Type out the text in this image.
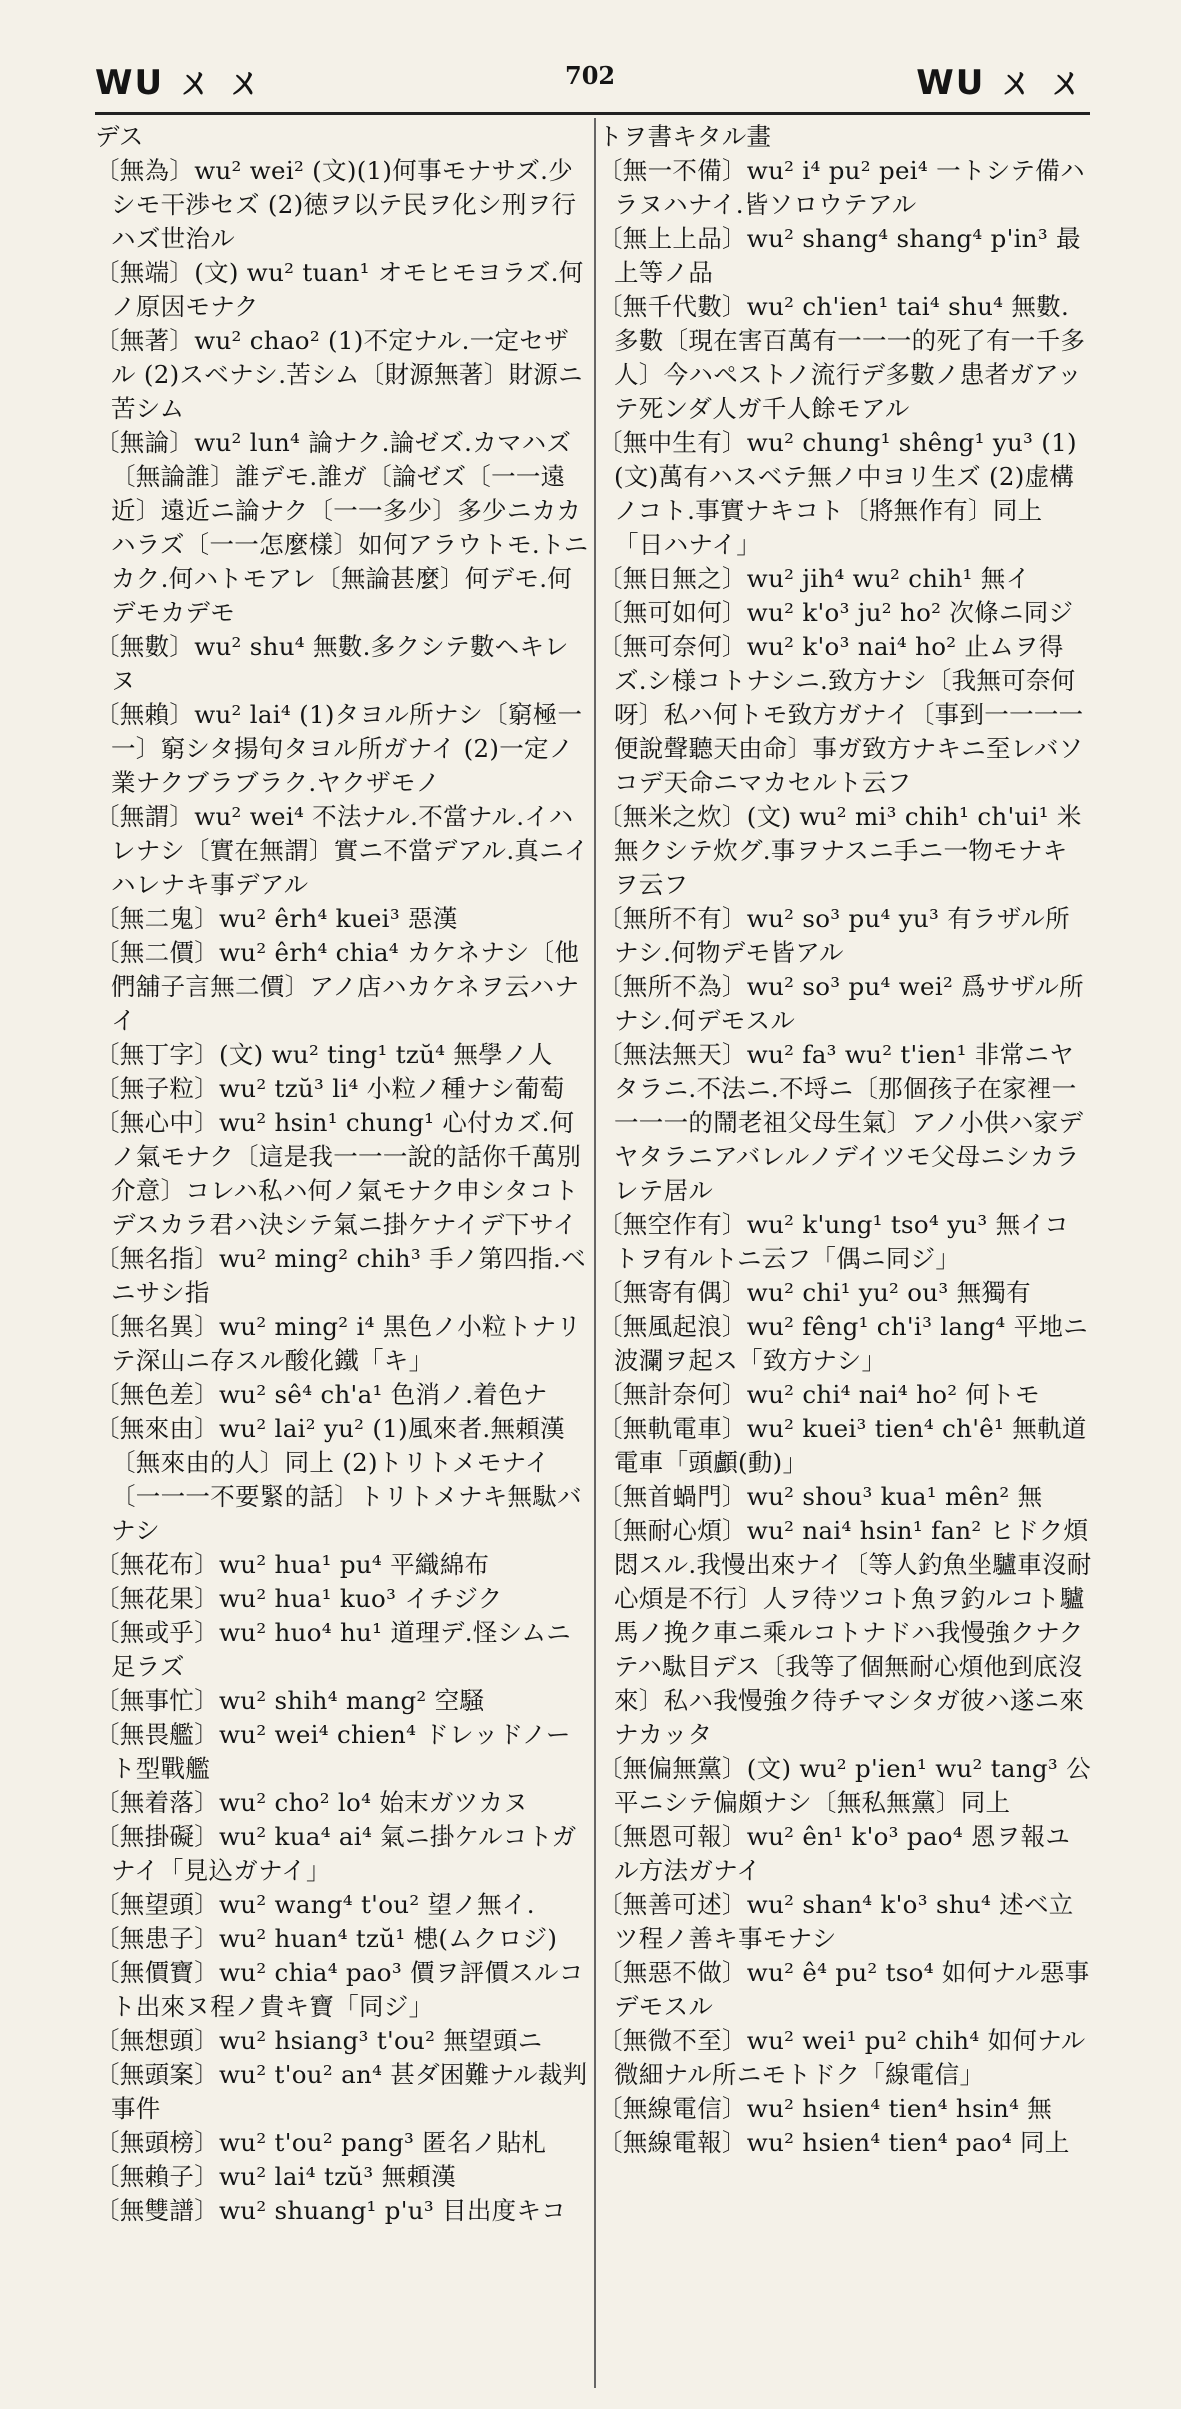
WU ㄨ ㄨ	702	WU ㄨ ㄨ

デス

〔無為〕wu² wei² (文)(1)何事モナサズ.少シモ干渉セズ (2)徳ヲ以テ民ヲ化シ刑ヲ行ハズ世治ル

〔無端〕(文) wu² tuan¹ オモヒモヨラズ.何ノ原因モナク

〔無著〕wu² chao² (1)不定ナル.一定セザル (2)スベナシ.苦シム〔財源無著〕財源ニ苦シム

〔無論〕wu² lun⁴ 論ナク.論ゼズ.カマハズ〔無論誰〕誰デモ.誰ガ〔論ゼズ〔一一遠近〕遠近ニ論ナク〔一一多少〕多少ニカカハラズ〔一一怎麼樣〕如何アラウトモ.トニカク.何ハトモアレ〔無論甚麼〕何デモ.何デモカデモ

〔無數〕wu² shu⁴ 無數.多クシテ數ヘキレヌ

〔無賴〕wu² lai⁴ (1)タヨル所ナシ〔窮極一一〕窮シタ揚句タヨル所ガナイ (2)一定ノ業ナクブラブラク.ヤクザモノ

〔無謂〕wu² wei⁴ 不法ナル.不當ナル.イハレナシ〔實在無謂〕實ニ不當デアル.真ニイハレナキ事デアル

〔無二鬼〕wu² êrh⁴ kuei³ 惡漢

〔無二價〕wu² êrh⁴ chia⁴ カケネナシ〔他們舖子言無二價〕アノ店ハカケネヲ云ハナイ

〔無丁字〕(文) wu² ting¹ tzŭ⁴ 無學ノ人

〔無子粒〕wu² tzŭ³ li⁴ 小粒ノ種ナシ葡萄

〔無心中〕wu² hsin¹ chung¹ 心付カズ.何ノ氣モナク〔這是我一一一說的話你千萬別介意〕コレハ私ハ何ノ氣モナク申シタコトデスカラ君ハ決シテ氣ニ掛ケナイデ下サイ

〔無名指〕wu² ming² chih³ 手ノ第四指.ベニサシ指

〔無名異〕wu² ming² i⁴ 黒色ノ小粒トナリテ深山ニ存スル酸化鐵「キ」

〔無色差〕wu² sê⁴ ch'a¹ 色消ノ.着色ナ

〔無來由〕wu² lai² yu² (1)風來者.無頼漢〔無來由的人〕同上 (2)トリトメモナイ〔一一一不要緊的話〕トリトメナキ無駄バナシ

〔無花布〕wu² hua¹ pu⁴ 平織綿布

〔無花果〕wu² hua¹ kuo³ イチジク

〔無或乎〕wu² huo⁴ hu¹ 道理デ.怪シムニ足ラズ

〔無事忙〕wu² shih⁴ mang² 空騒

〔無畏艦〕wu² wei⁴ chien⁴ ドレッドノート型戰艦

〔無着落〕wu² cho² lo⁴ 始末ガツカヌ

〔無掛礙〕wu² kua⁴ ai⁴ 氣ニ掛ケルコトガナイ「見込ガナイ」

〔無望頭〕wu² wang⁴ t'ou² 望ノ無イ.

〔無患子〕wu² huan⁴ tzŭ¹ 槵(ムクロジ)

〔無價寶〕wu² chia⁴ pao³ 價ヲ評價スルコト出來ヌ程ノ貴キ寶「同ジ」

〔無想頭〕wu² hsiang³ t'ou² 無望頭ニ

〔無頭案〕wu² t'ou² an⁴ 甚ダ困難ナル裁判事件

〔無頭榜〕wu² t'ou² pang³ 匿名ノ貼札

〔無賴子〕wu² lai⁴ tzŭ³ 無頼漢

〔無雙譜〕wu² shuang¹ p'u³ 目出度キコ

トヲ書キタル畫

〔無一不備〕wu² i⁴ pu² pei⁴ 一トシテ備ハラヌハナイ.皆ソロウテアル

〔無上上品〕wu² shang⁴ shang⁴ p'in³ 最上等ノ品

〔無千代數〕wu² ch'ien¹ tai⁴ shu⁴ 無數.多數〔現在害百萬有一一一的死了有一千多人〕今ハペストノ流行デ多數ノ患者ガアッテ死ンダ人ガ千人餘モアル

〔無中生有〕wu² chung¹ shêng¹ yu³ (1)(文)萬有ハスベテ無ノ中ヨリ生ズ (2)虚構ノコト.事實ナキコト〔將無作有〕同上「日ハナイ」

〔無日無之〕wu² jih⁴ wu² chih¹ 無イ

〔無可如何〕wu² k'o³ ju² ho² 次條ニ同ジ

〔無可奈何〕wu² k'o³ nai⁴ ho² 止ムヲ得ズ.シ様コトナシニ.致方ナシ〔我無可奈何呀〕私ハ何トモ致方ガナイ〔事到一一一一便說聲聽天由命〕事ガ致方ナキニ至レバソコデ天命ニマカセルト云フ

〔無米之炊〕(文) wu² mi³ chih¹ ch'ui¹ 米無クシテ炊グ.事ヲナスニ手ニ一物モナキヲ云フ

〔無所不有〕wu² so³ pu⁴ yu³ 有ラザル所ナシ.何物デモ皆アル

〔無所不為〕wu² so³ pu⁴ wei² 爲サザル所ナシ.何デモスル

〔無法無天〕wu² fa³ wu² t'ien¹ 非常ニヤタラニ.不法ニ.不埒ニ〔那個孩子在家裡一一一一的鬧老祖父母生氣〕アノ小供ハ家デヤタラニアバレルノデイツモ父母ニシカラレテ居ル

〔無空作有〕wu² k'ung¹ tso⁴ yu³ 無イコトヲ有ルトニ云フ「偶ニ同ジ」

〔無寄有偶〕wu² chi¹ yu² ou³ 無獨有

〔無風起浪〕wu² fêng¹ ch'i³ lang⁴ 平地ニ波瀾ヲ起ス「致方ナシ」

〔無計奈何〕wu² chi⁴ nai⁴ ho² 何トモ

〔無軌電車〕wu² kuei³ tien⁴ ch'ê¹ 無軌道電車「頭顱(動)」

〔無首蝸門〕wu² shou³ kua¹ mên² 無

〔無耐心煩〕wu² nai⁴ hsin¹ fan² ヒドク煩悶スル.我慢出來ナイ〔等人釣魚坐驢車沒耐心煩是不行〕人ヲ待ツコト魚ヲ釣ルコト驢馬ノ挽ク車ニ乘ルコトナドハ我慢強クナクテハ駄目デス〔我等了個無耐心煩他到底沒來〕私ハ我慢強ク待チマシタガ彼ハ遂ニ來ナカッタ

〔無偏無黨〕(文) wu² p'ien¹ wu² tang³ 公平ニシテ偏頗ナシ〔無私無黨〕同上

〔無恩可報〕wu² ên¹ k'o³ pao⁴ 恩ヲ報ユル方法ガナイ

〔無善可述〕wu² shan⁴ k'o³ shu⁴ 述ベ立ツ程ノ善キ事モナシ

〔無惡不做〕wu² ê⁴ pu² tso⁴ 如何ナル惡事デモスル

〔無微不至〕wu² wei¹ pu² chih⁴ 如何ナル微細ナル所ニモトドク「線電信」

〔無線電信〕wu² hsien⁴ tien⁴ hsin⁴ 無

〔無線電報〕wu² hsien⁴ tien⁴ pao⁴ 同上
